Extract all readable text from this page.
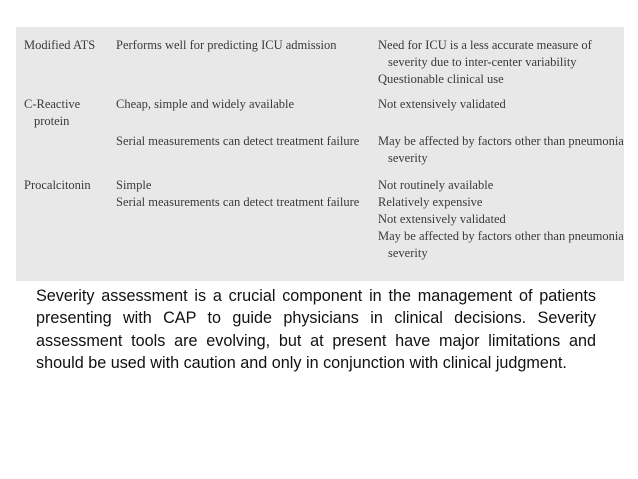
Modified ATS Performs well for predicting ICU admission	Need for ICU is a less accurate measure of
severity due to inter-center variability
Questionable clinical use
C-Reactive
protein
Cheap, simple and widely available	Not extensively validated
Serial measurements can detect treatment failure May be affected by factors other than pneumonia
severity
Procalcitonin Simple
Serial measurements can detect treatment failure
Not routinely available
Relatively expensive
Not extensively validated
May be affected by factors other than pneumonia
severity

Severity assessment is a crucial component in the management of patients presenting with CAP to guide physicians in clinical decisions. Severity assessment tools are evolving, but at present have major limitations and should be used with caution and only in conjunction with clinical judgment.
